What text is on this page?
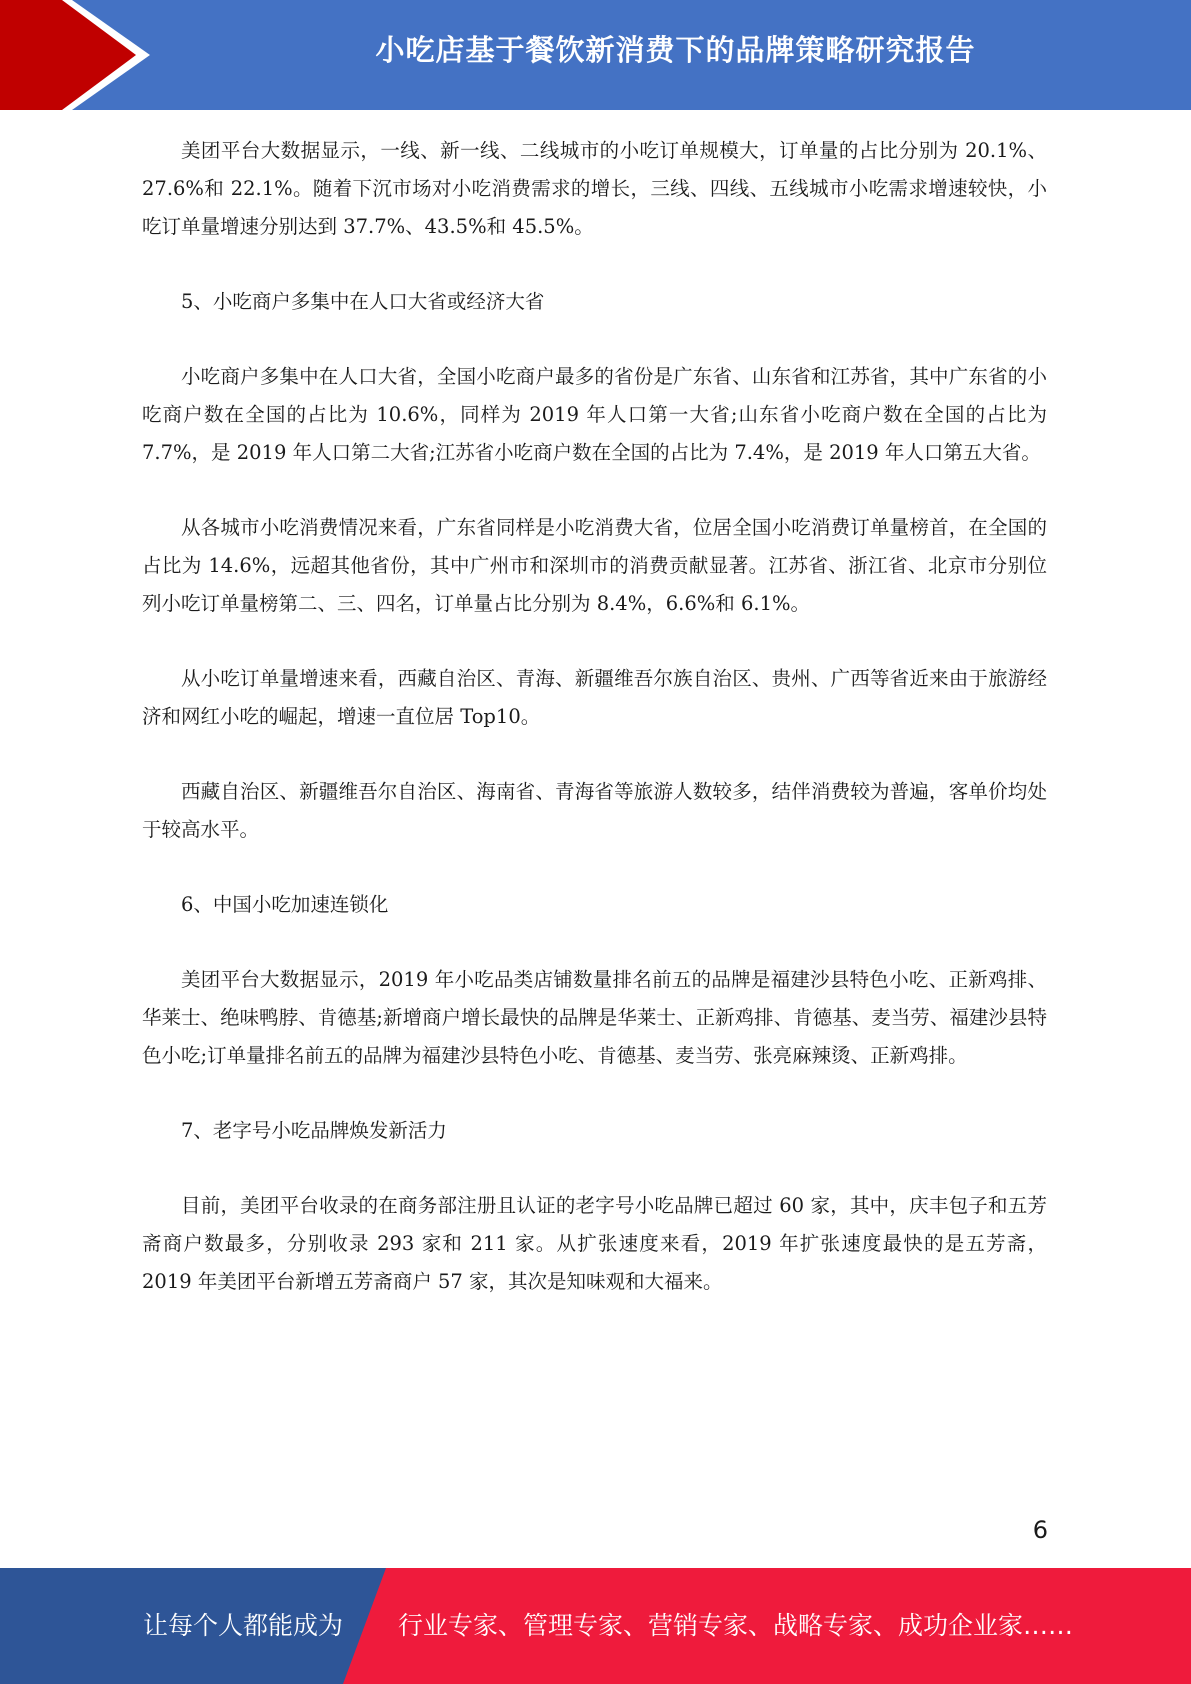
小吃店基于餐饮新消费下的品牌策略研究报告

美团平台大数据显示，一线、新一线、二线城市的小吃订单规模大，订单量的占比分别为 20.1%、27.6%和 22.1%。随着下沉市场对小吃消费需求的增长，三线、四线、五线城市小吃需求增速较快，小吃订单量增速分别达到 37.7%、43.5%和 45.5%。

5、小吃商户多集中在人口大省或经济大省

小吃商户多集中在人口大省，全国小吃商户最多的省份是广东省、山东省和江苏省，其中广东省的小吃商户数在全国的占比为 10.6%，同样为 2019 年人口第一大省;山东省小吃商户数在全国的占比为 7.7%，是 2019 年人口第二大省;江苏省小吃商户数在全国的占比为 7.4%，是 2019 年人口第五大省。

从各城市小吃消费情况来看，广东省同样是小吃消费大省，位居全国小吃消费订单量榜首，在全国的占比为 14.6%，远超其他省份，其中广州市和深圳市的消费贡献显著。江苏省、浙江省、北京市分别位列小吃订单量榜第二、三、四名，订单量占比分别为 8.4%，6.6%和 6.1%。

从小吃订单量增速来看，西藏自治区、青海、新疆维吾尔族自治区、贵州、广西等省近来由于旅游经济和网红小吃的崛起，增速一直位居 Top10。

西藏自治区、新疆维吾尔自治区、海南省、青海省等旅游人数较多，结伴消费较为普遍，客单价均处于较高水平。

6、中国小吃加速连锁化

美团平台大数据显示，2019 年小吃品类店铺数量排名前五的品牌是福建沙县特色小吃、正新鸡排、华莱士、绝味鸭脖、肯德基;新增商户增长最快的品牌是华莱士、正新鸡排、肯德基、麦当劳、福建沙县特色小吃;订单量排名前五的品牌为福建沙县特色小吃、肯德基、麦当劳、张亮麻辣烫、正新鸡排。

7、老字号小吃品牌焕发新活力

目前，美团平台收录的在商务部注册且认证的老字号小吃品牌已超过 60 家，其中，庆丰包子和五芳斋商户数最多，分别收录 293 家和 211 家。从扩张速度来看，2019 年扩张速度最快的是五芳斋，2019 年美团平台新增五芳斋商户 57 家，其次是知味观和大福来。

6
让每个人都能成为 行业专家、管理专家、营销专家、战略专家、成功企业家……
